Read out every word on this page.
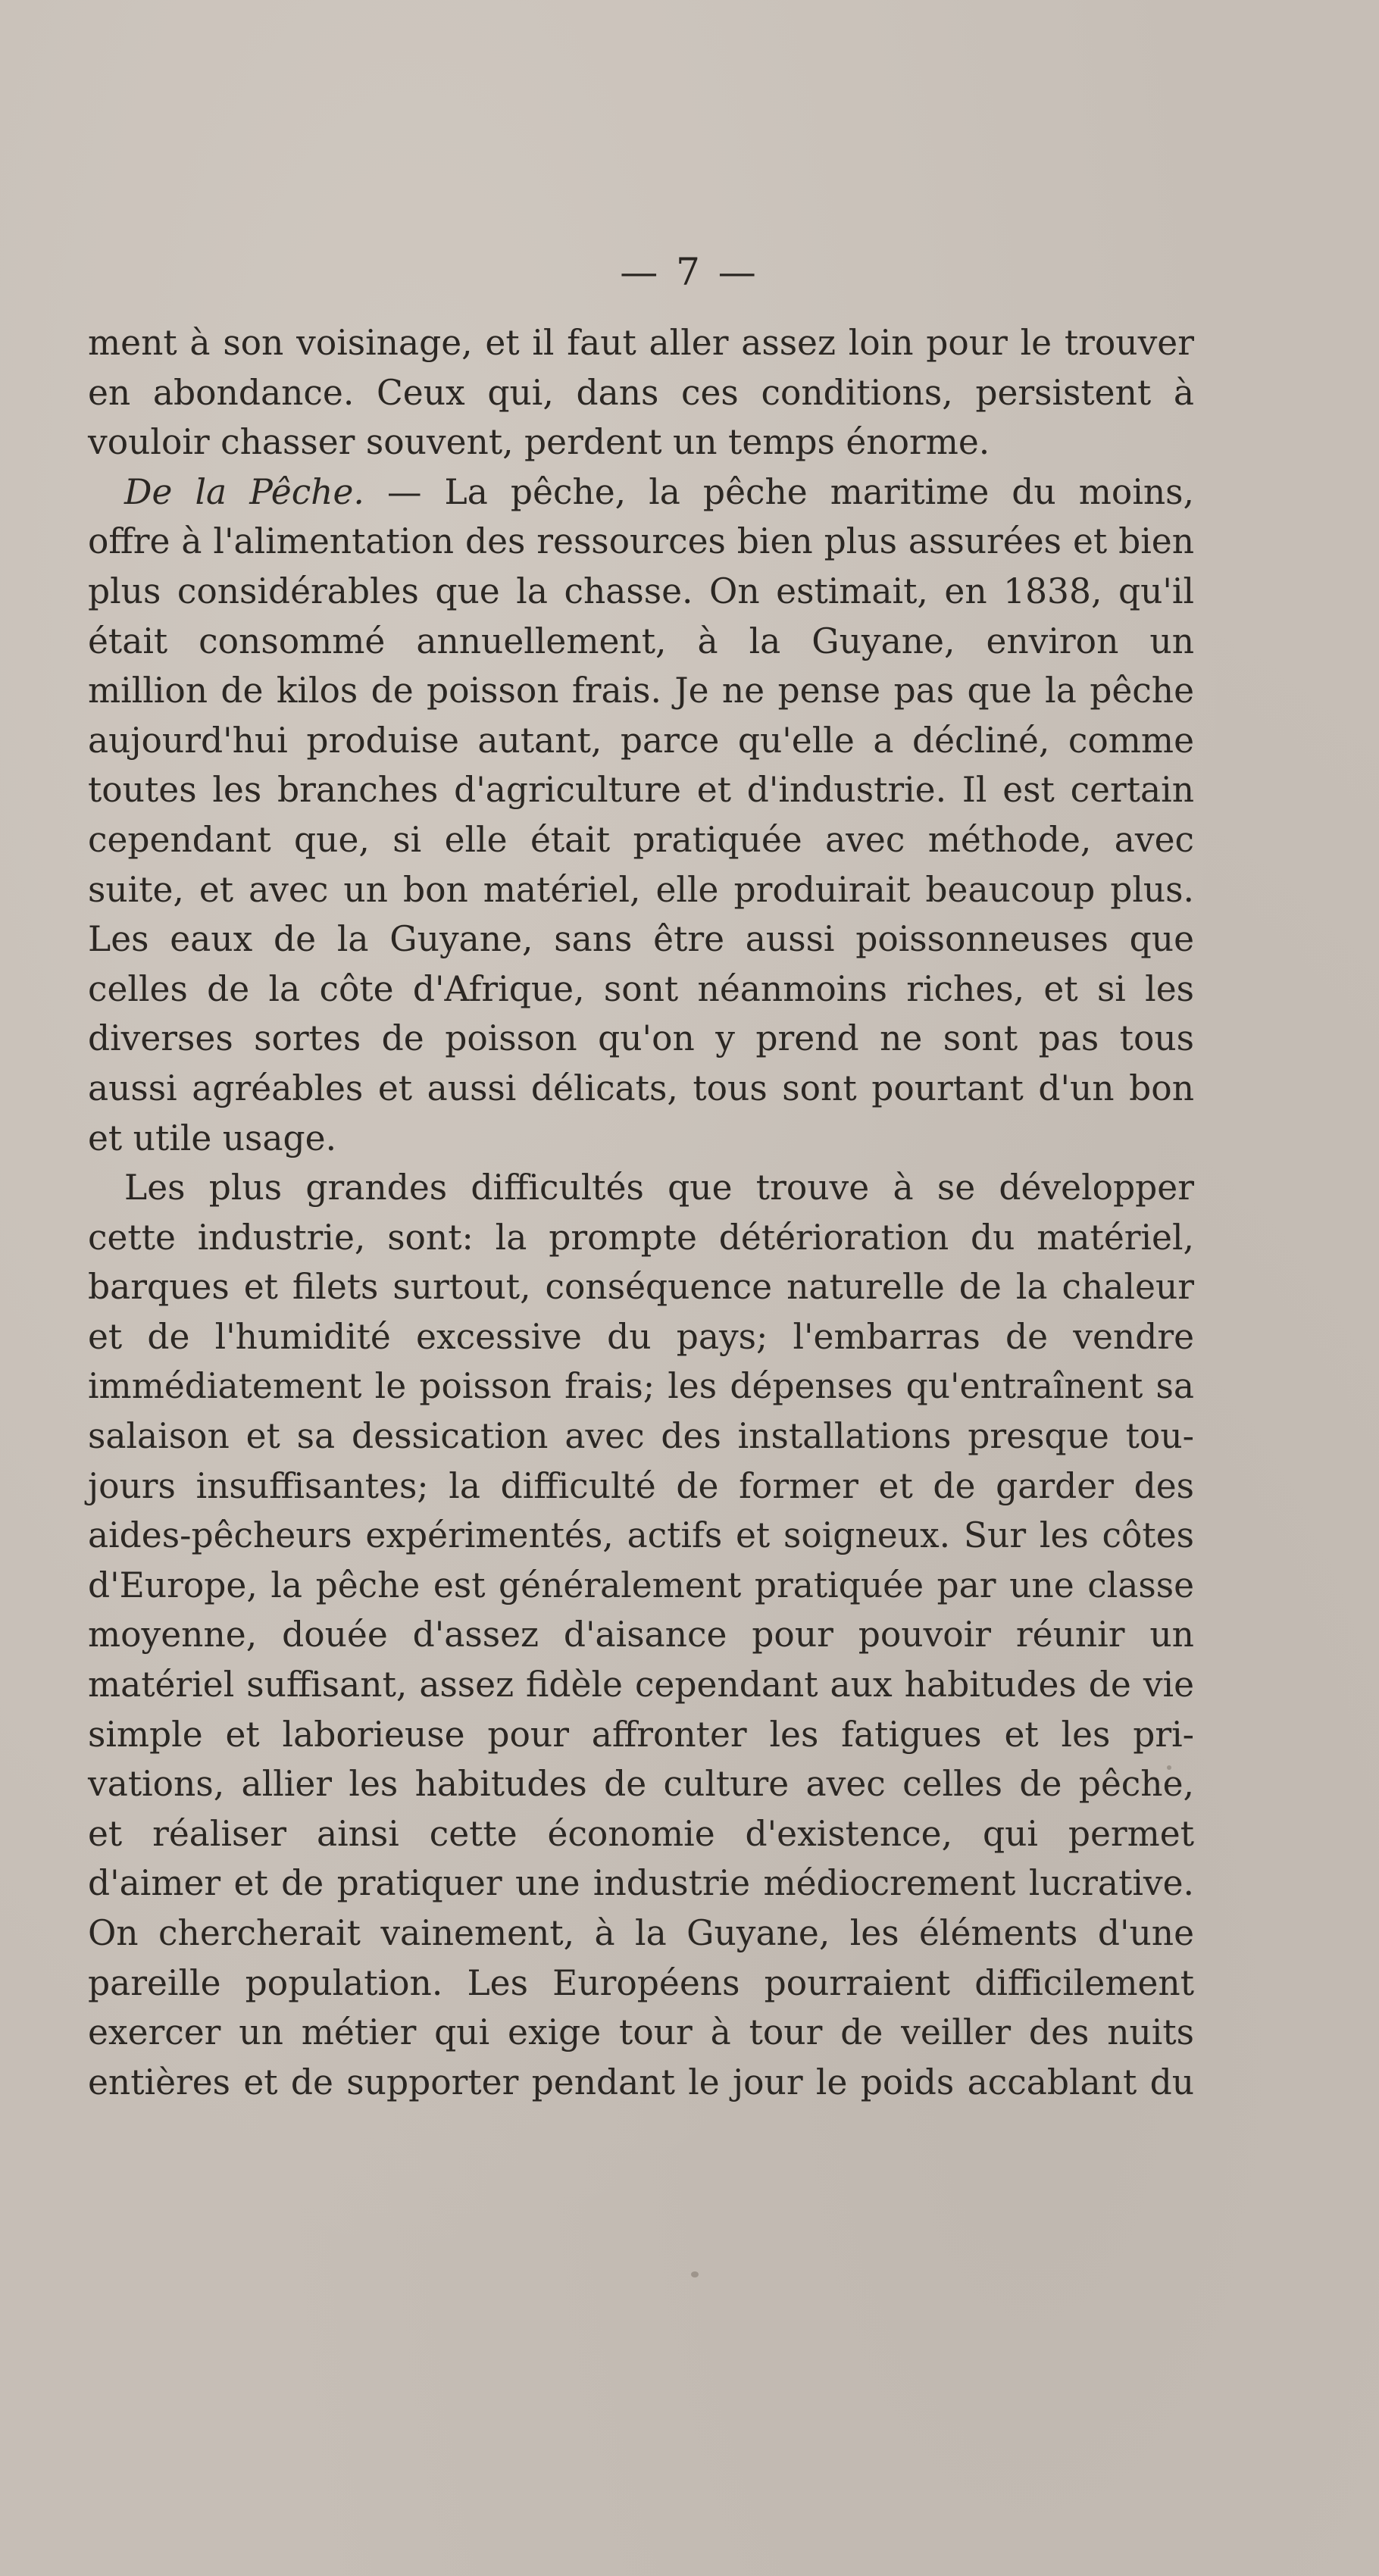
— 7 —
ment à son voisinage, et il faut aller assez loin pour le trouver
en abondance. Ceux qui, dans ces conditions, persistent à
vouloir chasser souvent, perdent un temps énorme.
De la Pêche. — La pêche, la pêche maritime du moins,
offre à l'alimentation des ressources bien plus assurées et bien
plus considérables que la chasse. On estimait, en 1838, qu'il
était consommé annuellement, à la Guyane, environ un
million de kilos de poisson frais. Je ne pense pas que la pêche
aujourd'hui produise autant, parce qu'elle a décliné, comme
toutes les branches d'agriculture et d'industrie. Il est certain
cependant que, si elle était pratiquée avec méthode, avec
suite, et avec un bon matériel, elle produirait beaucoup plus.
Les eaux de la Guyane, sans être aussi poissonneuses que
celles de la côte d'Afrique, sont néanmoins riches, et si les
diverses sortes de poisson qu'on y prend ne sont pas tous
aussi agréables et aussi délicats, tous sont pourtant d'un bon
et utile usage.
Les plus grandes difficultés que trouve à se développer
cette industrie, sont: la prompte détérioration du matériel,
barques et filets surtout, conséquence naturelle de la chaleur
et de l'humidité excessive du pays; l'embarras de vendre
immédiatement le poisson frais; les dépenses qu'entraînent sa
salaison et sa dessication avec des installations presque tou-
jours insuffisantes; la difficulté de former et de garder des
aides-pêcheurs expérimentés, actifs et soigneux. Sur les côtes
d'Europe, la pêche est généralement pratiquée par une classe
moyenne, douée d'assez d'aisance pour pouvoir réunir un
matériel suffisant, assez fidèle cependant aux habitudes de vie
simple et laborieuse pour affronter les fatigues et les pri-
vations, allier les habitudes de culture avec celles de pêche,
et réaliser ainsi cette économie d'existence, qui permet
d'aimer et de pratiquer une industrie médiocrement lucrative.
On chercherait vainement, à la Guyane, les éléments d'une
pareille population. Les Européens pourraient difficilement
exercer un métier qui exige tour à tour de veiller des nuits
entières et de supporter pendant le jour le poids accablant du
